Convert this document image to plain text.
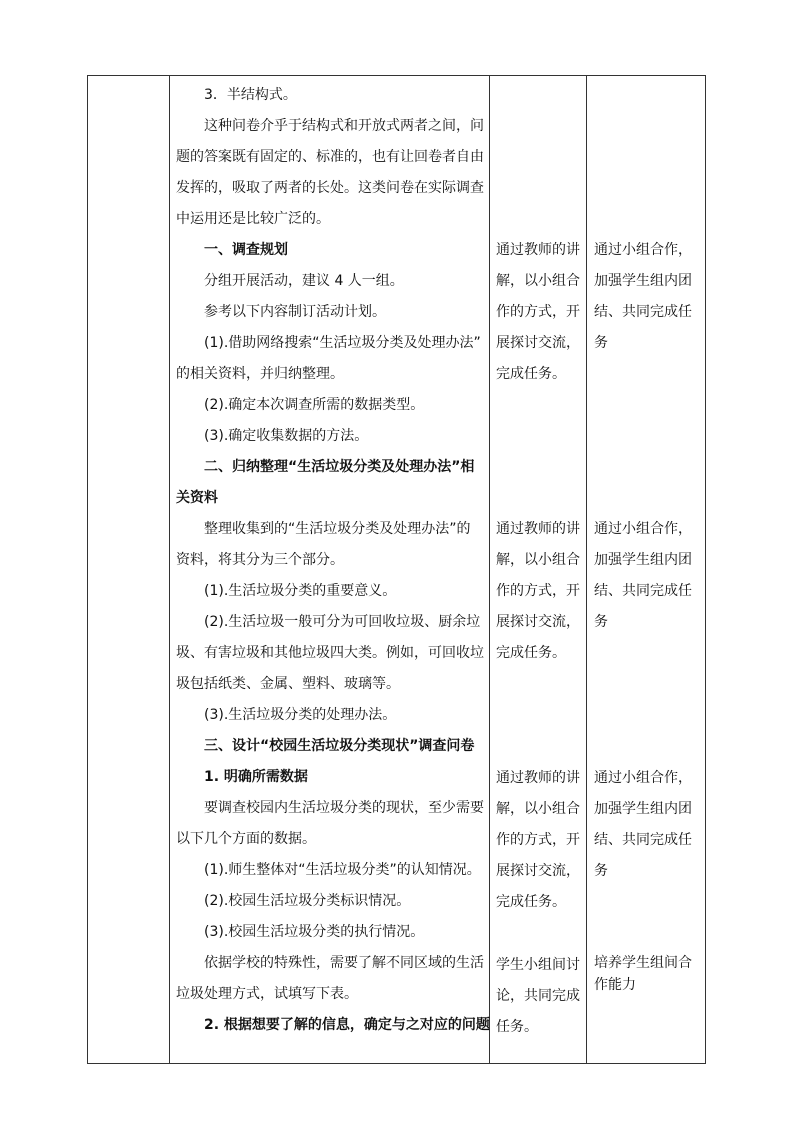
3．半结构式。

这种问卷介乎于结构式和开放式两者之间，问

题的答案既有固定的、标准的，也有让回卷者自由

发挥的，吸取了两者的长处。这类问卷在实际调查

中运用还是比较广泛的。

一、调查规划

分组开展活动，建议 4 人一组。

参考以下内容制订活动计划。

(1).借助网络搜索“生活垃圾分类及处理办法”

的相关资料，并归纳整理。

(2).确定本次调查所需的数据类型。

(3).确定收集数据的方法。

二、归纳整理“生活垃圾分类及处理办法”相

关资料

整理收集到的“生活垃圾分类及处理办法”的

资料，将其分为三个部分。

(1).生活垃圾分类的重要意义。

(2).生活垃圾一般可分为可回收垃圾、厨余垃

圾、有害垃圾和其他垃圾四大类。例如，可回收垃

圾包括纸类、金属、塑料、玻璃等。

(3).生活垃圾分类的处理办法。

三、设计“校园生活垃圾分类现状”调查问卷

1. 明确所需数据

要调查校园内生活垃圾分类的现状，至少需要

以下几个方面的数据。

(1).师生整体对“生活垃圾分类”的认知情况。

(2).校园生活垃圾分类标识情况。

(3).校园生活垃圾分类的执行情况。

依据学校的特殊性，需要了解不同区域的生活

垃圾处理方式，试填写下表。

2. 根据想要了解的信息，确定与之对应的问题

通过教师的讲

解，以小组合

作的方式，开

展探讨交流，

完成任务。

通过教师的讲

解，以小组合

作的方式，开

展探讨交流，

完成任务。

通过教师的讲

解，以小组合

作的方式，开

展探讨交流，

完成任务。

学生小组间讨

论，共同完成

任务。

通过小组合作，

加强学生组内团

结、共同完成任

务

通过小组合作，

加强学生组内团

结、共同完成任

务

通过小组合作，

加强学生组内团

结、共同完成任

务

培养学生组间合

作能力
